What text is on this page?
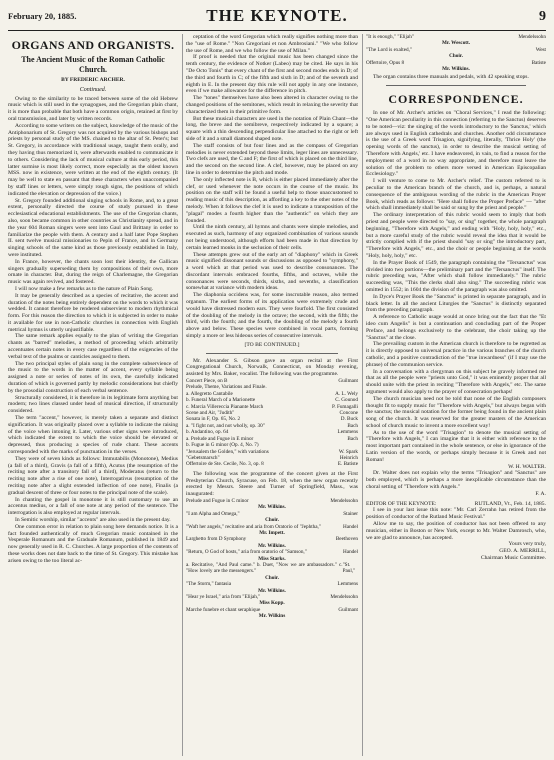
February 20, 1885.	THE KEYNOTE.	9
ORGANS AND ORGANISTS.
The Ancient Music of the Roman Catholic Church.
BY FREDERIC ARCHER.
Continued.

Owing to the similarity to be traced between some of the old Hebrew music which is still used in the synagogues, and the Gregorian plain chant, it is more than probable that both have a common origin, retained at first by oral transmission, and later by written records.

According to some writers on the subject, knowledge of the music of the Antiphonarium of St. Gregory was not acquired by the various bishops and priests by personal study of the MS. chained to the altar of St. Peter's; but St. Gregory, in accordance with traditional usage, taught them orally, and they having thus memorized it, were afterwards enabled to communicate it to others. Considering the lack of musical culture at this early period, this latter surmise is most likely correct, more especially as the oldest known MSS. now in existence, were written at the end of the eighth century. (It may be well to state en passant that these characters when unaccompanied by staff lines or letters, were simply rough signs, the positions of which indicated the elevation or depression of the voice.)

St. Gregory founded additional singing schools in Rome, and, to a great extent, personally directed the course of study pursued in these ecclesiastical educational establishments. The use of the Gregorian chants, also, soon became common in other countries as Christianity spread, and in the year 604 Roman singers were sent into Gaul and Brittany in order to familiarize the people with them. A century and a half later Pope Stephen II. sent twelve musical missionaries to Pepin of France, and in Germany singing schools of the same kind as those previously established in Italy, were instituted.

In France, however, the chants soon lost their identity, the Gallican singers gradually superseding them by compositions of their own, more ornate in character. But, during the reign of Charlemagne, the Gregorian music was again revived, and fostered.

I will now make a few remarks as to the nature of Plain Song.

It may be generally described as a species of recitative, the accent and duration of the notes being entirely dependent on the words to which it was wedded. It cannot therefore be rendered subservient to modern rhythmical form. For this reason the direction to which it is subjected in order to make it available for use in non-Catholic churches in connection with English metrical hymns is utterly unjustifiable.

The same remark applies equally to the plan of writing the Gregorian chants as "barred" melodies, a method of proceeding which arbitrarily accentuates certain notes in every case regardless of the exigencies of the verbal text of the psalms or canticles assigned to them.

The two principal styles of plain song in the complete subservience of the music to the words in the matter of accent, every syllable being assigned a note or series of notes of its own, the carefully indicated duration of which is governed partly by melodic considerations but chiefly by the prosodial construction of each verbal sentence.

Structurally considered, it is therefore in its legitimate form anything but modern; two lines classed under head of musical direction, if structurally considered.

The term "accent," however, is merely taken a separate and distinct signification. It was originally placed over a syllable to indicate the raising of the voice when intoning it. Later, various other signs were introduced, which indicated the extent to which the voice should be elevated or depressed, thus producing a species of rude chant. These accents corresponded with the marks of punctuation in the verses.

They were of seven kinds as follows: Immutabilis (Monotone), Medius (a fall of a third), Gravis (a fall of a fifth), Acutus (the resumption of the reciting note after a transitory fall of a third), Moderatus (return to the reciting note after a rise of one note), Interrogativus (resumption of the reciting note after a slight extended inflection of one note), Finalis (a gradual descent of three or four notes to the principal note of the scale).

In chanting the gospel in monotone it is still customary to use an accentus medius, or a fall of one note at any period of the sentence. The interrogation is also employed at regular intervals.

In Semitic worship, similar "accents" are also used in the present day.

One common error in relation to plain song here demands notice. It is a fact founded authentically of much Gregorian music contained in the Vesperale Romanum and the Graduale Romanum, published in 1849 and now generally used in R. C. Churches. A large proportion of the contents of these works does not date back to the time of St. Gregory. This mistake has arisen owing to the too literal ac-

ceptation of the word Gregorian which really signifies nothing more than the "use of Rome." "Non Gregoriani et non Ambrosiani." "We who follow the use of Rome, and we who follow the use of Milan."

If proof is needed that the original music has been changed since the tenth century, the evidence of Notker (Labeo) may be cited. He says in his "De Octo Tonis" that every chant of the first and second modes ends in D; of the third and fourth in C; of the fifth and sixth in D; and of the seventh and eighth in E. In the present day this rule will not apply in any one instance, even if we make allowance for the difference in pitch.

The "tones" themselves have also been altered in character owing to the changed positions of the semitones, which result in relaxing the severity that characterized them in their primitive form.

But these musical characters are used in the notation of Plain Chant—the long, the breve and the semibreve, respectively indicated by a square; a square with a thin descending perpendicular line attached to the right or left side of it and a small diamond shaped note.

The staff consists of but four lines and as the compass of Gregorian melodies is never extended beyond these limits, leger lines are unnecessary. Two clefs are used, the C and F; the first of which is placed on the third line, and the second on the second line. A clef, however, may be placed on any line in order to determine the pitch and mode.

The only inflected note is B, which is either placed immediately after the clef, or used whenever the note occurs in the course of the music. Its position on the staff will be found a useful help to those unaccustomed to reading music of this description, as affording a key to the other notes of the melody. When it follows the clef it is used to indicate a transposition of the "plagal" modes a fourth higher than the "authentic" on which they are founded.

Until the ninth century, all hymns and chants were simple melodies, and executed as such, harmony of any organized combination of various sounds not being understood, although efforts had been made in that direction by certain learned monks in the seclusion of their cells.

These attempts grew out of the early art of "diaphony" which in Greek music signified dissonant sounds or discussions as opposed to "symphony," a word which at that period was used to describe consonances. The discordant intervals embraced fourths, fifths, and octaves, while the consonances were seconds, thirds, sixths, and sevenths, a classification somewhat at variance with modern ideas.

The diaphonia occidens was, for some inscrutable reason, also termed organum. The earliest forms of its application were extremely crude and would have distressed modern ears. They were fourfold. The first consisted of the doubling of the melody in the octave; the second, with the fifth; the third, with the fourth; and the fourth, the doubling of the melody a fourth above and below. These species were combined in vocal parts, forming simply a more or less hideous series of consecutive intervals.

[TO BE CONTINUED.]

Mr. Alexander S. Gibson gave an organ recital at the First Congregational Church, Norwalk, Connecticut, on Monday evening, assisted by Mrs. Baker, vocalist. The following was the programme.

Concert Piece, on B	Guilmant
Prelude, Theme, Variations and Finale.
a. Allegretto Cantabile	A. L. Wely
b. Funeral March of a Marionette	C. Gounod
c. Marcia Villereccia Pianante March	P. Fumagalli
Scene and Air, "Judith"	Concone
Sonata in F, Op. 65, No. 2	D. Buck
a. "I fight not, and not wholly, op. 30"	Bach
b. Andantino, op. 64	Lemmens
a. Prelude and Fugue in E minor	Bach
b. Fugue in G minor (Op. 4, No. 7)
"Jerusalem the Golden," with variations	W. Spark
"Gebetsmarsch"	Heinrich
Offertoire de Ste. Cecile, No. 3, op. 8	E. Batiste

The following was the programme of the concert given at the First Presbyterian Church, Syracuse, on Feb. 18, when the new organ recently erected by Messrs. Steere and Turner of Springfield, Mass., was inaugurated:

Prelude and Fugue in C minor	Mendelssohn
Mr. Wilkins.
"I am Alpha and Omega,"	Stainer
Choir.
"Waft her angels," recitative and aria from Oratorio of "Jephtha,"	Handel
Mr. Impett.
Larghetto from D Symphony	Beethoven
Mr. Wilkins.
"Return, O God of hosts," aria from oratorio of "Samson,"	Handel
Miss Starks.
a. Recitative, "And Paul came." b. Duet, "Now we are ambassadors." c. "How lovely are the messengers."
"St. Paul,"
Choir.
"The Storm," fantasia	Lemmens
Mr. Wilkins.
"Hear ye Israel," aria from "Elijah,"	Mendelssohn
Miss Kopp.
Marche funebre et chant seraphique	Guilmant
Mr. Wilkins
"It is enough," "Elijah"	Mendelssohn
Mr. Wescott.
"The Lord is exalted,"	West
Choir.
Offertoire, Opus 8	Batiste
Mr. Wilkins.

The organ contains three manuals and pedals, with 42 speaking stops.

CORRESPONDENCE.

In one of Mr. Archer's articles on "Choral Services," I read the following: "One American peculiarity in this connection (referring to the Sanctus) deserves to be noted—viz: the singing of the words introductory to the 'Sanctus,' which are always used in English cathedrals and churches. Another odd circumstance is the use of a Greek word Trisagion, signifying, literally, 'Thrice Holy' (the opening words of the sanctus), in order to describe the musical setting of 'Therefore with Angels,' etc. I have endeavored, in vain, to find a reason for the employment of a word in no way appropriate, and therefore must leave the solution of the problem to others more versed in American Episcopalian Ecclesiology."

I will venture to come to Mr. Archer's relief. The custom referred to is peculiar to the American branch of the church, and is, perhaps, a natural consequence of the ambiguous wording of the rubric in the American Prayer Book, which reads as follows: "Here shall follow the Proper Preface" — "after which shall immediately shall be said or sung by the priest and people."

The ordinary interpretation of this rubric would seem to imply that both priest and people were directed to "say, or sing" together, the whole paragraph beginning, "Therefore with Angels," and ending with "Holy, holy, holy," etc., but a more careful study of the rubric would reveal the idea that it would be strictly complied with if the priest should "say or sing" the introductory part, "Therefore with Angels," etc., and the choir or people beginning at the words "Holy, holy, holy," etc.

In the Prayer Book of 1549, the paragraph containing the "Tersanctus" was divided into two portions—the preliminary part and the "Tersanctus" itself. The rubric preceding was, "After which shall follow immediately." The rubric succeeding was, "This the clerks shall also sing." The succeeding rubric was omitted in 1552; in 1604 the division of the paragraph was also omitted.

In Dyce's Prayer Book the "Sanctus" is printed in separate paragraph, and in black letter. In all the ancient Liturgies the "Sanctus" is distinctly separated from the preceding paragraph.

A reference to Catholic usage would at once bring out the fact that the "Et ideo cum Angelis" is but a continuation and concluding part of the Proper Preface, and belongs exclusively to the celebrant, the choir taking up the "Sanctus" at the close.

The prevailing custom in the American church is therefore to be regretted as it is directly opposed to universal practice in the various branches of the church catholic, and a positive contradiction of the "true inwardness" (if I may use the phrase) of the communion service.

In a conversation with a clergyman on this subject he gravely informed me that as all the people were "priests unto God," it was eminently proper that all should unite with the priest in reciting "Therefore with Angels," etc. The same argument would also apply to the prayer of consecration perhaps!

The church musician need not be told that none of the English composers thought fit to supply music for "Therefore with Angels," but always began with the sanctus; the musical notation for the former being found in the ancient plain song of the church. It was reserved for the greater masters of the American school of church music to invent a more excellent way!

As to the use of the word "Trisagion" to denote the musical setting of "Therefore with Angels," I can imagine that it is either with reference to the most important part contained in the whole sentence, or else in ignorance of the Latin version of the words, or perhaps simply because it is Greek and not Roman!

W. H. WALTER.

Dr. Walter does not explain why the terms "Trisagion" and "Sanctus" are both employed, which is perhaps a more inexplicable circumstance than the choral setting of "Therefore with Angels."

F. A.
EDITOR OF THE KEYNOTE:	RUTLAND, Vt., Feb. 14, 1885.

I see in your last issue this note: "Mr. Carl Zerrahn has retired from the position of conductor of the Rutland Music Festival."

Allow me to say, the position of conductor has not been offered to any musician, either in Boston or New York, except to Mr. Walter Damrosch, who, we are glad to announce, has accepted.

Yours very truly,
GEO. A. MERRILL,
Chairman Music Committee.
